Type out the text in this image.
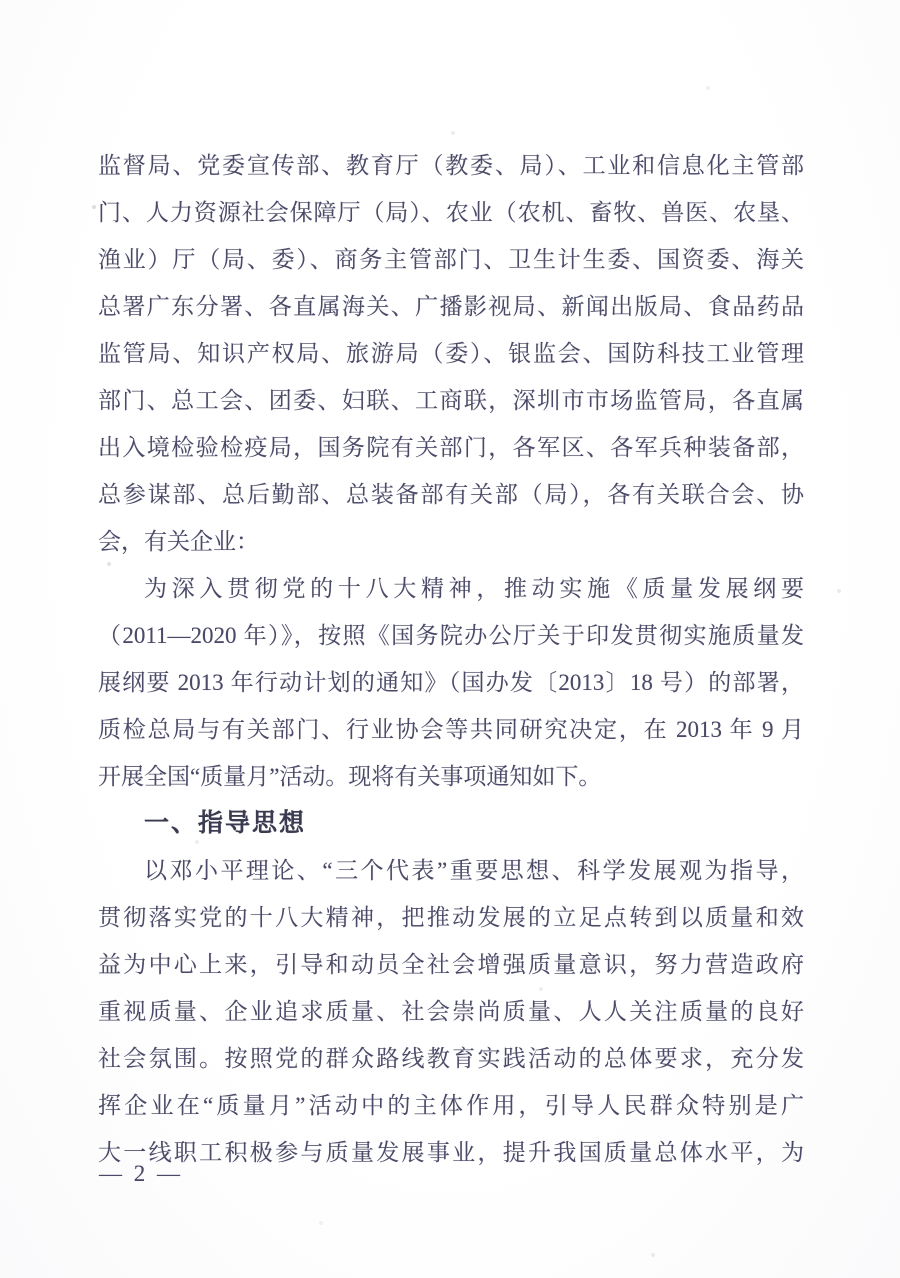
监督局、党委宣传部、教育厅（教委、局）、工业和信息化主管部
门、人力资源社会保障厅（局）、农业（农机、畜牧、兽医、农垦、
渔业）厅（局、委）、商务主管部门、卫生计生委、国资委、海关
总署广东分署、各直属海关、广播影视局、新闻出版局、食品药品
监管局、知识产权局、旅游局（委）、银监会、国防科技工业管理
部门、总工会、团委、妇联、工商联，深圳市市场监管局，各直属
出入境检验检疫局，国务院有关部门，各军区、各军兵种装备部，
总参谋部、总后勤部、总装备部有关部（局），各有关联合会、协
会，有关企业：
为深入贯彻党的十八大精神，推动实施《质量发展纲要
（2011—2020 年）》，按照《国务院办公厅关于印发贯彻实施质量发
展纲要 2013 年行动计划的通知》（国办发〔2013〕18 号）的部署，
质检总局与有关部门、行业协会等共同研究决定，在 2013 年 9 月
开展全国“质量月”活动。现将有关事项通知如下。
一、指导思想
以邓小平理论、“三个代表”重要思想、科学发展观为指导，
贯彻落实党的十八大精神，把推动发展的立足点转到以质量和效
益为中心上来，引导和动员全社会增强质量意识，努力营造政府
重视质量、企业追求质量、社会崇尚质量、人人关注质量的良好
社会氛围。按照党的群众路线教育实践活动的总体要求，充分发
挥企业在“质量月”活动中的主体作用，引导人民群众特别是广
大一线职工积极参与质量发展事业，提升我国质量总体水平，为
— 2 —
